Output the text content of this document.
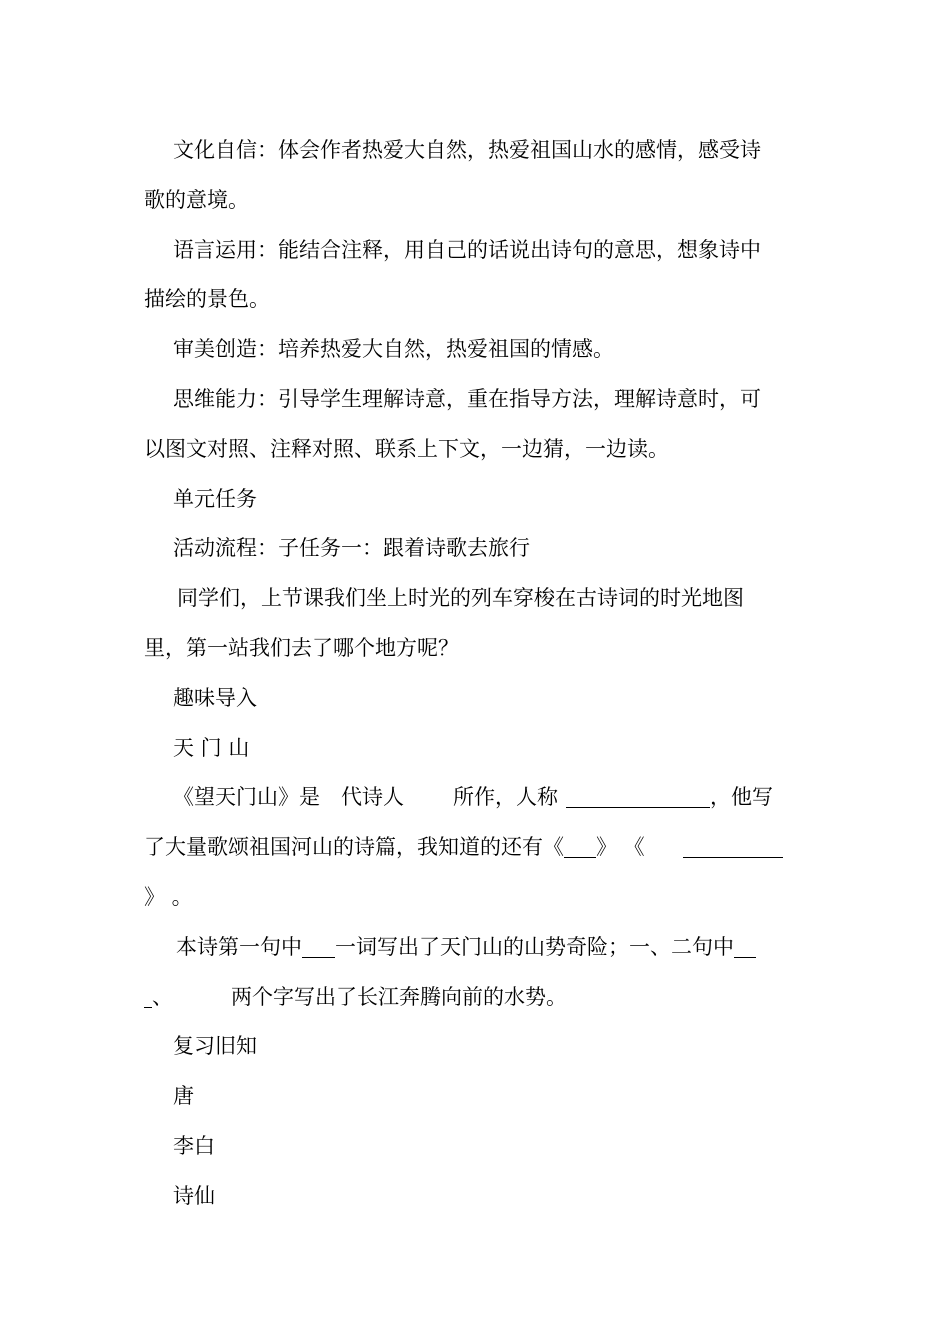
文化自信：体会作者热爱大自然，热爱祖国山水的感情，感受诗
歌的意境。
语言运用：能结合注释，用自己的话说出诗句的意思，想象诗中
描绘的景色。
审美创造：培养热爱大自然，热爱祖国的情感。
思维能力：引导学生理解诗意，重在指导方法，理解诗意时，可
以图文对照、注释对照、联系上下文，一边猜，一边读。
单元任务
活动流程：子任务一：跟着诗歌去旅行
同学们，上节课我们坐上时光的列车穿梭在古诗词的时光地图
里，第一站我们去了哪个地方呢？
趣味导入
天 门 山
《望天门山》是 代诗人 所作，人称	，他写
了大量歌颂祖国河山的诗篇，我知道的还有《 》 《
》 。
本诗第一句中 一词写出了天门山的山势奇险；一、二句中
、	两个字写出了长江奔腾向前的水势。
复习旧知
唐
李白
诗仙
